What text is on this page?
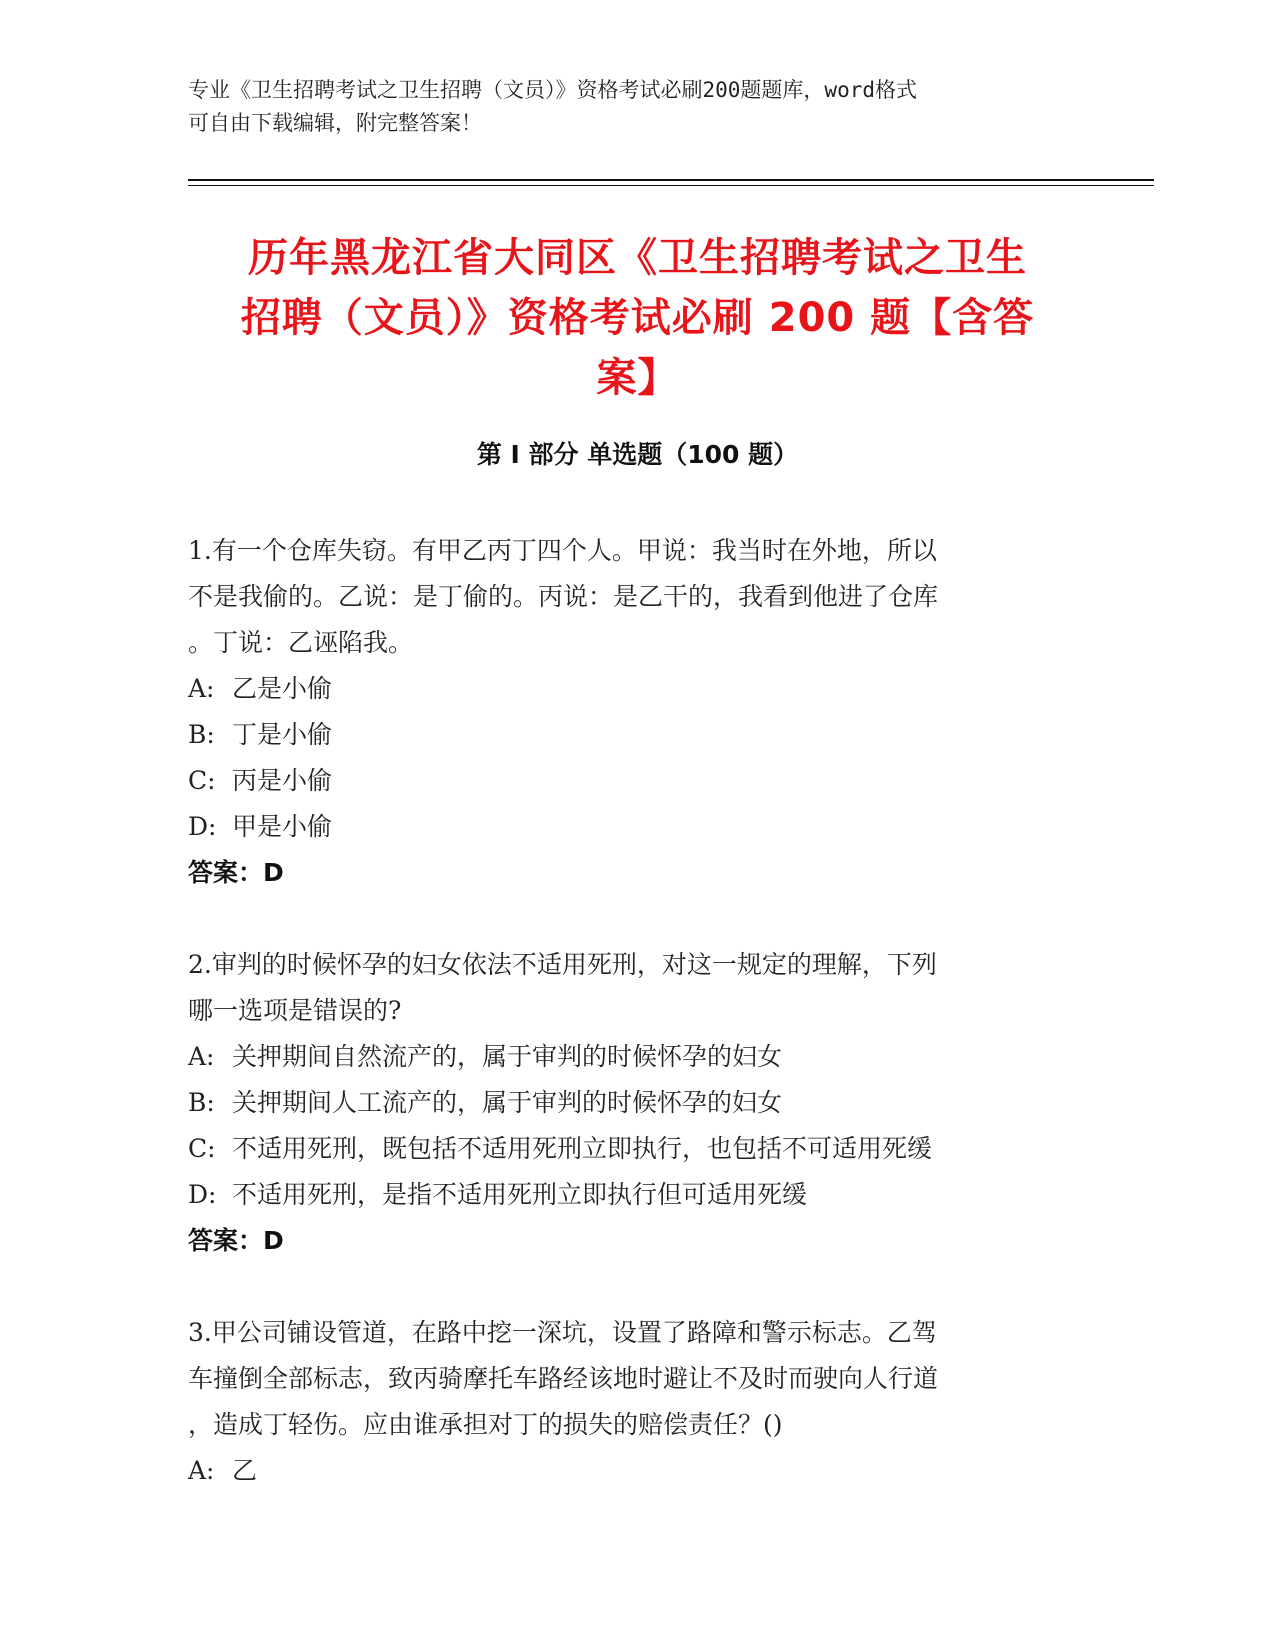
专业《卫生招聘考试之卫生招聘（文员）》资格考试必刷200题题库，word格式
可自由下载编辑，附完整答案！
历年黑龙江省大同区《卫生招聘考试之卫生
招聘（文员）》资格考试必刷 200 题【含答
案】
第 I 部分 单选题（100 题）
1.有一个仓库失窃。有甲乙丙丁四个人。甲说：我当时在外地，所以
不是我偷的。乙说：是丁偷的。丙说：是乙干的，我看到他进了仓库
。丁说：乙诬陷我。
A: 乙是小偷
B: 丁是小偷
C: 丙是小偷
D: 甲是小偷
答案：D
2.审判的时候怀孕的妇女依法不适用死刑，对这一规定的理解，下列
哪一选项是错误的?
A: 关押期间自然流产的，属于审判的时候怀孕的妇女
B: 关押期间人工流产的，属于审判的时候怀孕的妇女
C: 不适用死刑，既包括不适用死刑立即执行，也包括不可适用死缓
D: 不适用死刑，是指不适用死刑立即执行但可适用死缓
答案：D
3.甲公司铺设管道，在路中挖一深坑，设置了路障和警示标志。乙驾
车撞倒全部标志，致丙骑摩托车路经该地时避让不及时而驶向人行道
，造成丁轻伤。应由谁承担对丁的损失的赔偿责任？()
A: 乙
